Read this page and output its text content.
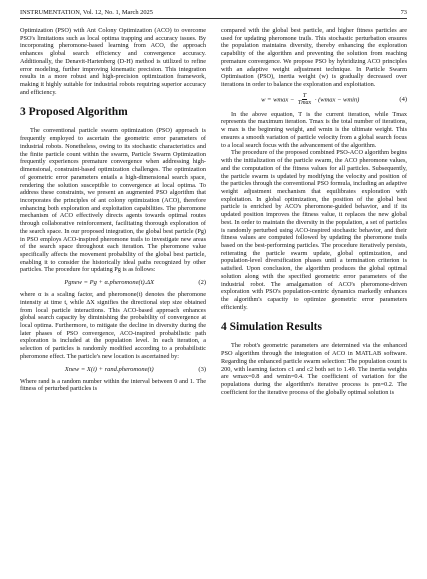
INSTRUMENTATION, Vol. 12, No. 1, March 2025	73

Optimization (PSO) with Ant Colony Optimization (ACO) to overcome PSO's limitations such as local optima trapping and accuracy issues. By incorporating pheromone-based learning from ACO, the approach enhances global search efficiency and convergence accuracy. Additionally, the Denavit-Hartenberg (D-H) method is utilized to refine error modeling, further improving kinematic precision. This integration results in a more robust and high-precision optimization framework, making it highly suitable for industrial robots requiring superior accuracy and efficiency.

3 Proposed Algorithm

The conventional particle swarm optimization (PSO) approach is frequently employed to ascertain the geometric error parameters of industrial robots. Nonetheless, owing to its stochastic characteristics and the finite particle count within the swarm, Particle Swarm Optimization frequently experiences premature convergence when addressing high-dimensional, constraint-based optimization challenges. The optimization of geometric error parameters entails a high-dimensional search space, rendering the solution susceptible to convergence at local optima. To address these constraints, we present an augmented PSO algorithm that incorporates the principles of ant colony optimization (ACO), therefore enhancing both exploration and exploitation capabilities. The pheromone mechanism of ACO effectively directs agents towards optimal routes through collaborative reinforcement, facilitating thorough exploration of the search space. In our proposed integration, the global best particle (Pg) in PSO employs ACO-inspired pheromone trails to investigate new areas of the search space throughout each iteration. The pheromone value specifically affects the movement probability of the global best particle, enabling it to consider the historically ideal paths recognized by other particles. The procedure for updating Pg is as follows:

Pgnew = Pg + α.pheromone(t).ΔX	(2)

where α is a scaling factor, and pheromone(t) denotes the pheromone intensity at time t, while ΔX signifies the directional step size obtained from local particle interactions. This ACO-based approach enhances global search capacity by diminishing the probability of convergence at local optima. Furthermore, to mitigate the decline in diversity during the later phases of PSO convergence, ACO-inspired probabilistic path exploration is included at the population level. In each iteration, a selection of particles is randomly modified according to a probabilistic pheromone effect. The particle's new location is ascertained by:

Xnew = X(i) + rand.pheromone(t)	(3)

Where rand is a random number within the interval between 0 and 1. The fitness of perturbed particles is

compared with the global best particle, and higher fitness particles are used for updating pheromone trails. This stochastic perturbation ensures the population maintains diversity, thereby enhancing the exploration capability of the algorithm and preventing the solution from reaching premature convergence. We propose PSO by hybridizing ACO principles with an adaptive weight adjustment technique. In Particle Swarm Optimisation (PSO), inertia weight (w) is gradually decreased over iterations in order to balance the exploration and exploitation.

$w = wmax - \frac{T}{Tmax} \cdot (wmax - wmin)$	(4)

In the above equation, T is the current iteration, while Tmax represents the maximum iteration. Tmax is the total number of iterations, w max is the beginning weight, and wmin is the ultimate weight. This ensures a smooth variation of particle velocity from a global search focus to a local search focus with the advancement of the algorithm.

The procedure of the proposed combined PSO-ACO algorithm begins with the initialization of the particle swarm, the ACO pheromone values, and the computation of the fitness values for all particles. Subsequently, the particle swarm is updated by modifying the velocity and position of the particles through the conventional PSO formula, including an adaptive weight adjustment mechanism that equilibrates exploration with exploitation. In global optimization, the position of the global best particle is enriched by ACO's pheromone-guided behavior, and if its updated position improves the fitness value, it replaces the new global best. In order to maintain the diversity in the population, a set of particles is randomly perturbed using ACO-inspired stochastic behavior, and their fitness values are computed followed by updating the pheromone trails based on the best-performing particles. The procedure iteratively persists, reiterating the particle swarm update, global optimization, and population-level diversification phases until a termination criterion is satisfied. Upon conclusion, the algorithm produces the global optimal solution along with the specified geometric error parameters of the industrial robot. The amalgamation of ACO's pheromone-driven exploration with PSO's population-centric dynamics markedly enhances the algorithm's capacity to optimize geometric error parameters efficiently.

4 Simulation Results

The robot's geometric parameters are determined via the enhanced PSO algorithm through the integration of ACO in MATLAB software. Regarding the enhanced particle swarm selection: The population count is 200, with learning factors c1 and c2 both set to 1.49. The inertia weights are wmax=0.8 and wmin=0.4. The coefficient of variation for the populations during the algorithm's iterative process is pm=0.2. The coefficient for the iterative process of the globally optimal solution is
